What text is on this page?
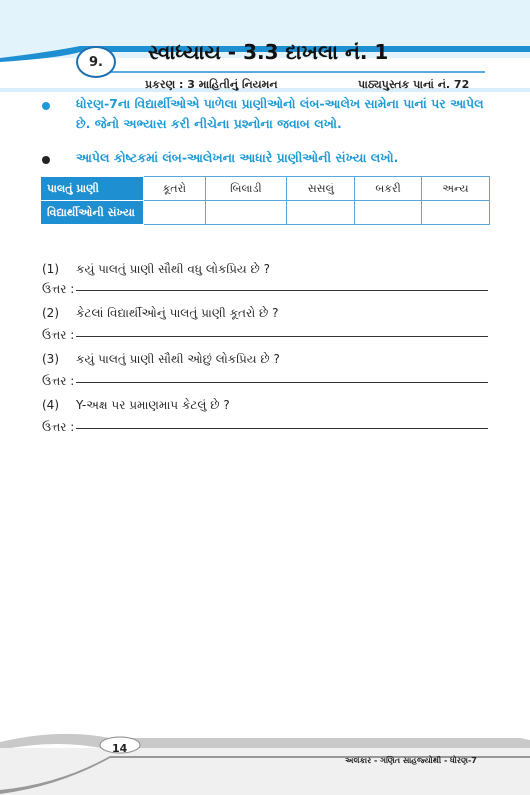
9. સ્વાધ્યાય - 3.3 દાખલા નં. 1
પ્રકરણ : 3 માહિતીનું નિયમન	પાઠ્યપુસ્તક પાનાં નં. 72
ધોરણ-7ના વિદ્યાર્થીઓએ પાળેલા પ્રાણીઓનો લંબ-આલેખ સામેના પાનાં પર આપેલ છે. જેનો અભ્યાસ કરી નીચેના પ્રશ્નોના જવાબ લખો.
આપેલ કોષ્ટકમાં લંબ-આલેખના આધારે પ્રાણીઓની સંખ્યા લખો.
પાલતું પ્રાણી	કૂતરો	બિલાડી	સસલું	બકરી	અન્ય
વિદ્યાર્થીઓની સંખ્યા					
(1) કયું પાલતું પ્રાણી સૌથી વધુ લોકપ્રિય છે ?
ઉત્તર :
(2) કેટલાં વિદ્યાર્થીઓનું પાલતું પ્રાણી કૂતરો છે ?
ઉત્તર :
(3) કયું પાલતું પ્રાણી સૌથી ઓછું લોકપ્રિય છે ?
ઉત્તર :
(4) Y-અક્ષ પર પ્રમાણમાપ કેટલું છે ?
ઉત્તર :
14
અલંકાર - ગણિત સાહજ્યોથી - ધોરણ-7
